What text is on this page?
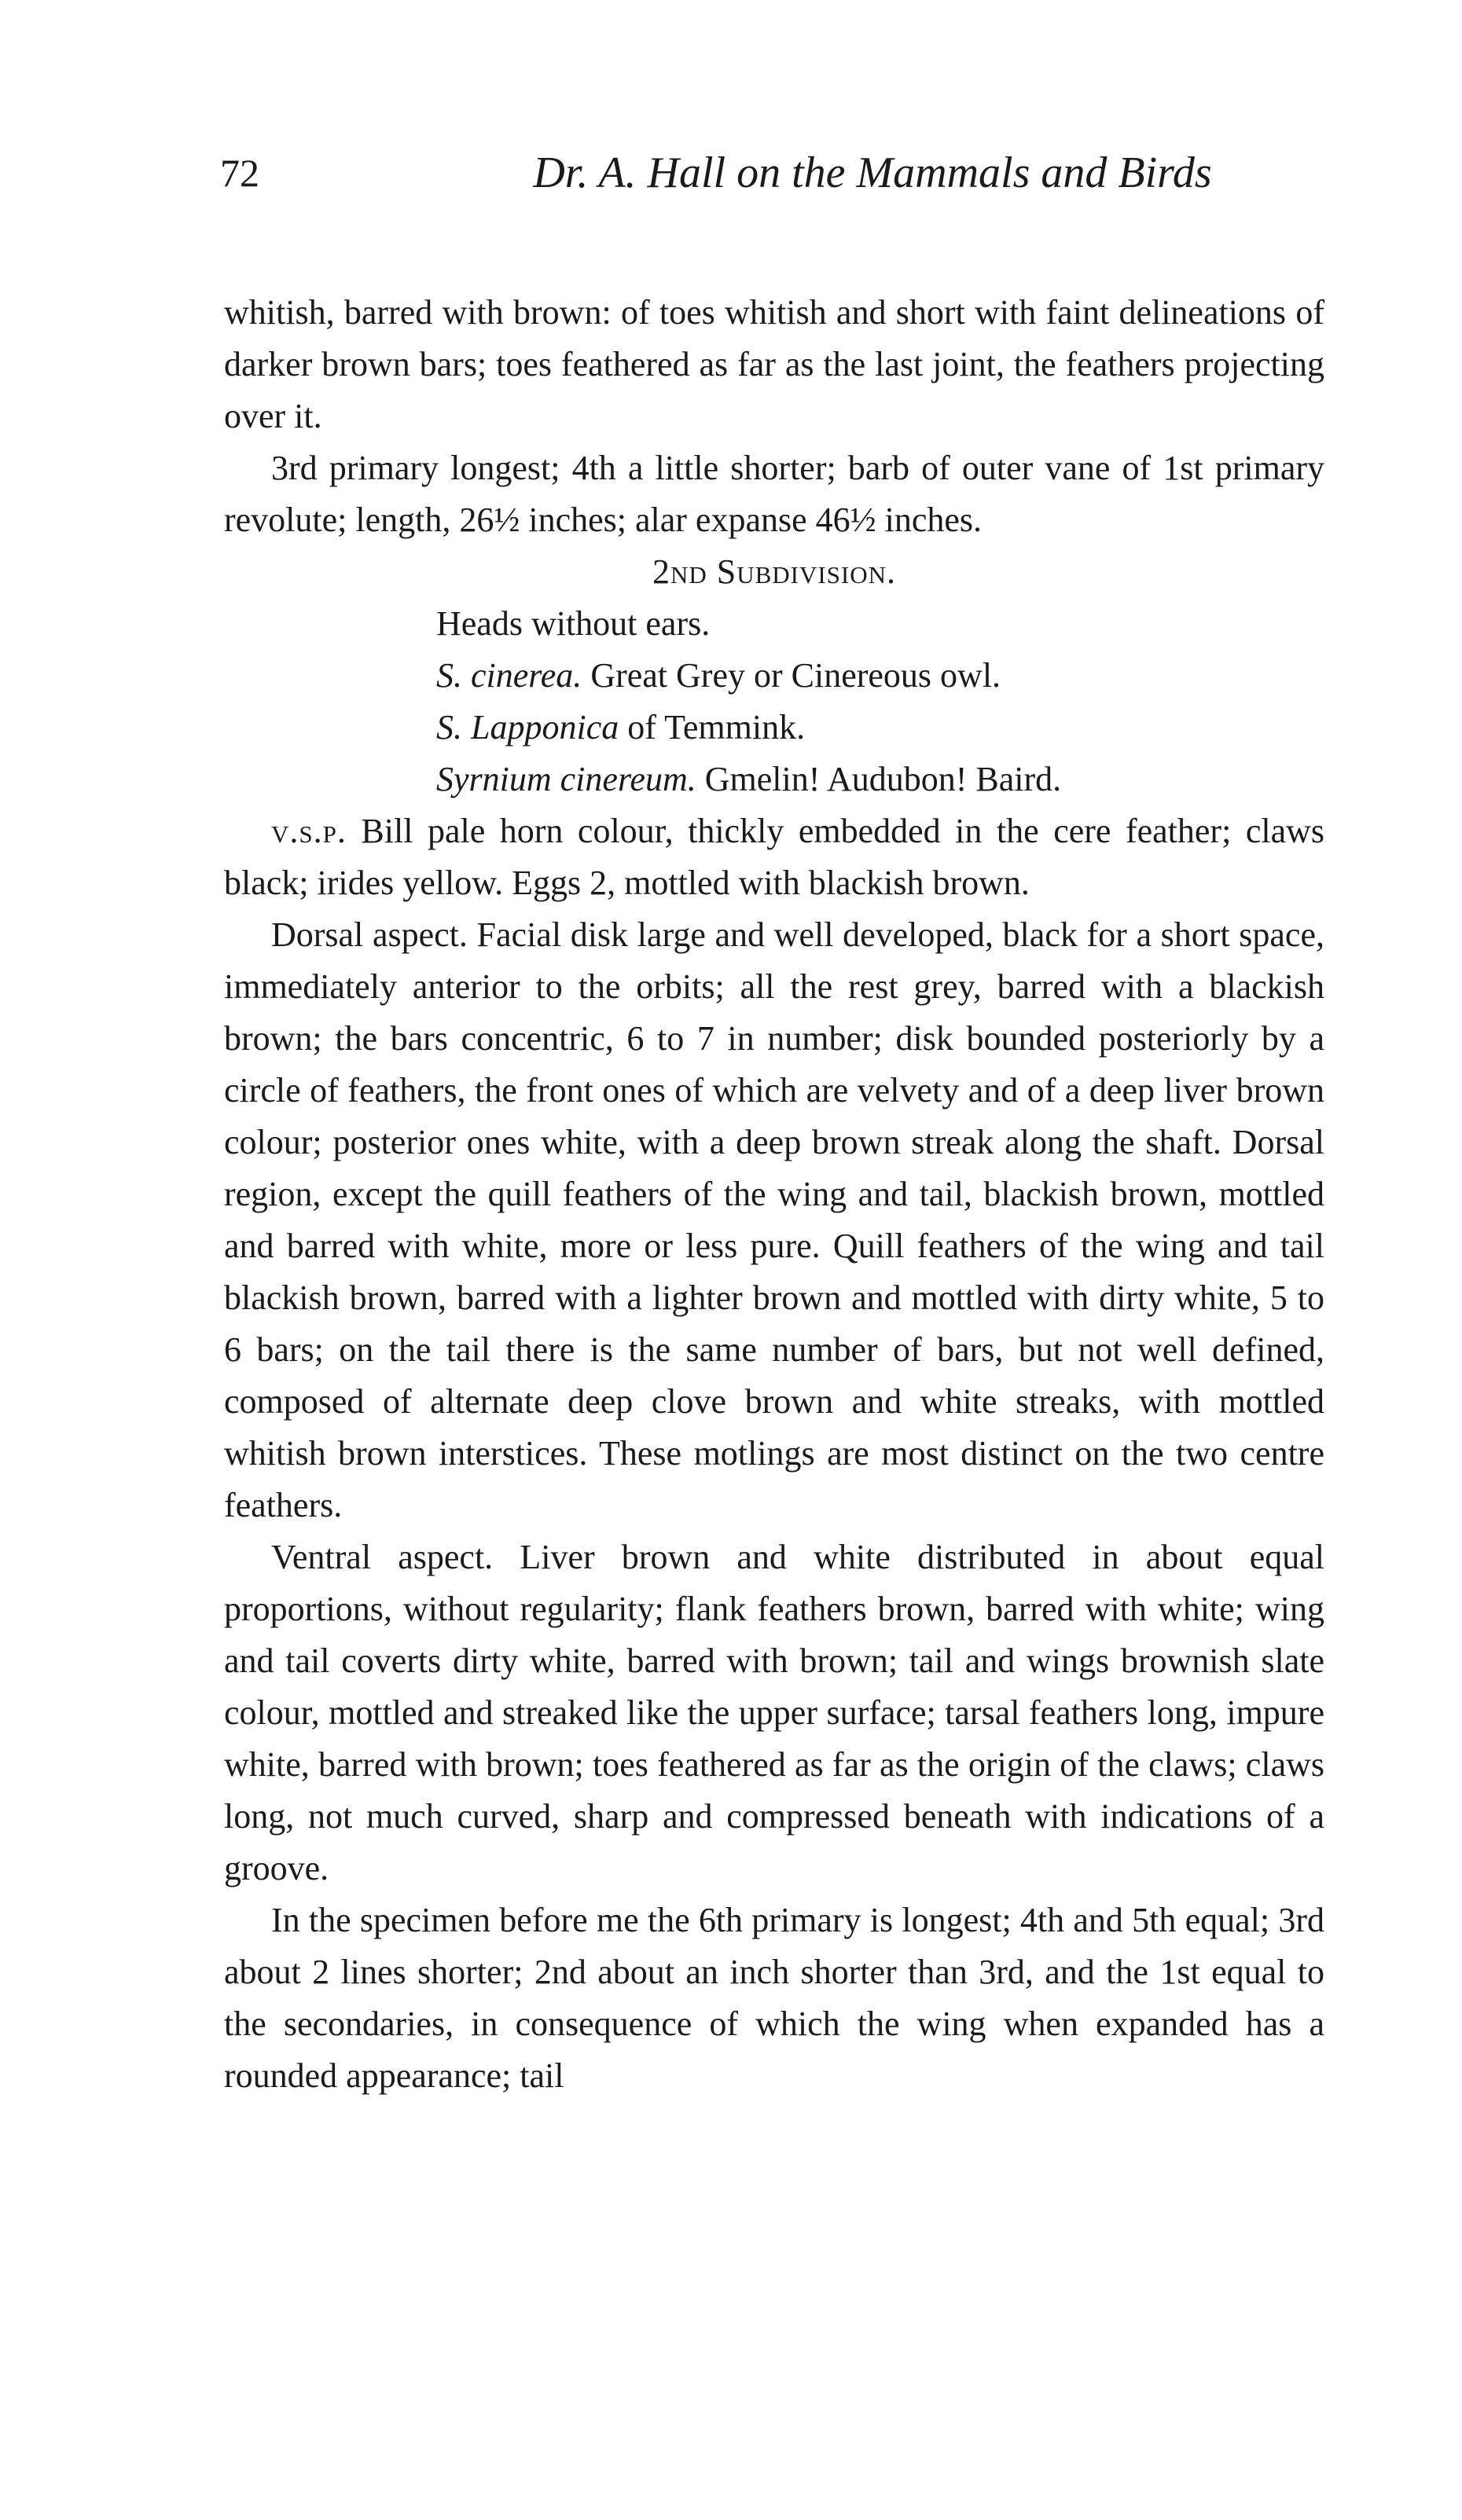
72	Dr. A. Hall on the Mammals and Birds

whitish, barred with brown: of toes whitish and short with faint delineations of darker brown bars; toes feathered as far as the last joint, the feathers projecting over it.

3rd primary longest; 4th a little shorter; barb of outer vane of 1st primary revolute; length, 26½ inches; alar expanse 46½ inches.

2nd Subdivision.

Heads without ears.

S. cinerea. Great Grey or Cinereous owl.

S. Lapponica of Temmink.

Syrnium cinereum. Gmelin! Audubon! Baird.

v.s.p. Bill pale horn colour, thickly embedded in the cere feather; claws black; irides yellow. Eggs 2, mottled with blackish brown.

Dorsal aspect. Facial disk large and well developed, black for a short space, immediately anterior to the orbits; all the rest grey, barred with a blackish brown; the bars concentric, 6 to 7 in number; disk bounded posteriorly by a circle of feathers, the front ones of which are velvety and of a deep liver brown colour; posterior ones white, with a deep brown streak along the shaft. Dorsal region, except the quill feathers of the wing and tail, blackish brown, mottled and barred with white, more or less pure. Quill feathers of the wing and tail blackish brown, barred with a lighter brown and mottled with dirty white, 5 to 6 bars; on the tail there is the same number of bars, but not well defined, composed of alternate deep clove brown and white streaks, with mottled whitish brown interstices. These motlings are most distinct on the two centre feathers.

Ventral aspect. Liver brown and white distributed in about equal proportions, without regularity; flank feathers brown, barred with white; wing and tail coverts dirty white, barred with brown; tail and wings brownish slate colour, mottled and streaked like the upper surface; tarsal feathers long, impure white, barred with brown; toes feathered as far as the origin of the claws; claws long, not much curved, sharp and compressed beneath with indications of a groove.

In the specimen before me the 6th primary is longest; 4th and 5th equal; 3rd about 2 lines shorter; 2nd about an inch shorter than 3rd, and the 1st equal to the secondaries, in consequence of which the wing when expanded has a rounded appearance; tail
